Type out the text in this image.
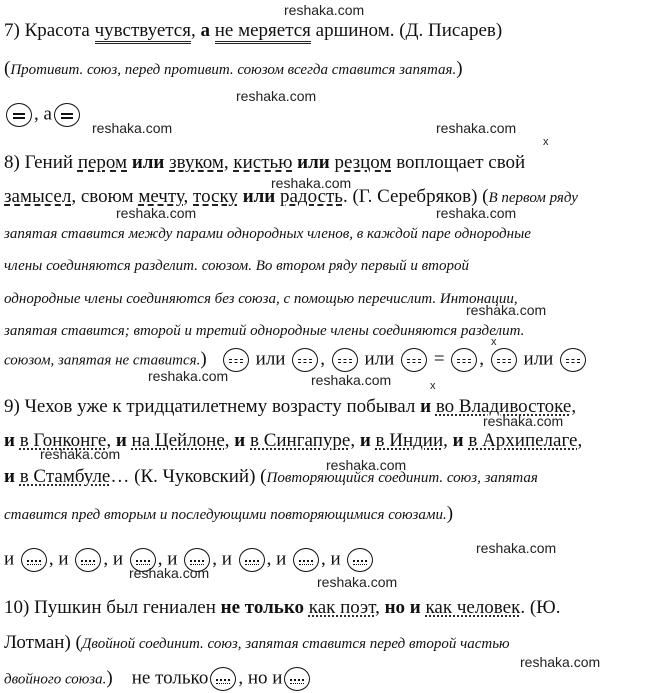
7) Красота чувствуется, а не меряется аршином. (Д. Писарев)
(Противит. союз, перед противит. союзом всегда ставится запятая.)
, а
8) Гений пером или звуком, кистью или резцом воплощает свой
замысел, своюм мечту, тоску или радость. (Г. Серебряков) (В первом ряду
запятая ставится между парами однородных членов, в каждой паре однородные
члены соединяются разделит. союзом. Во втором ряду первый и второй
однородные члены соединяются без союза, с помощью перечислит. Интонации,
запятая ставится; второй и третий однородные члены соединяются разделит.
союзом, запятая не ставится.)	или , или = , или
9) Чехов уже к тридцатилетнему возрасту побывал и во Владивостоке,
и в Гонконге, и на Цейлоне, и в Сингапуре, и в Индии, и в Архипелаге,
и в Стамбуле… (К. Чуковский) (Повторяющийся соединит. союз, запятая
ставится пред вторым и последующими повторяющимися союзами.)
и , и , и , и , и , и , и
10) Пушкин был гениален не только как поэт, но и как человек. (Ю.
Лотман) (Двойной соединит. союз, запятая ставится перед второй частью
двойного союза.) не только , но и
reshaka.com
reshaka.com
reshaka.com	reshaka.com
reshaka.com
reshaka.com	reshaka.com
reshaka.com
reshaka.com	reshaka.com
reshaka.com
reshaka.com
reshaka.com
reshaka.com
reshaka.com
reshaka.com
reshaka.com
x
x
x
